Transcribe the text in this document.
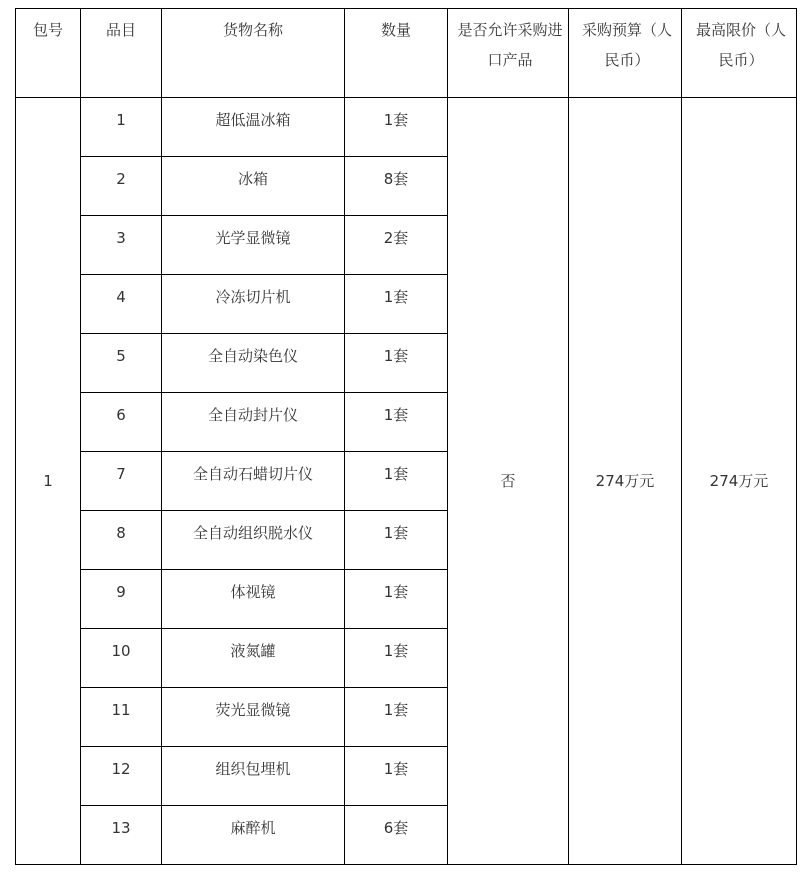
包号	品目	货物名称	数量	是否允许采购进口产品	采购预算（人民币）	最高限价（人民币）
1	1	超低温冰箱	1套	否	274万元	274万元
	2	冰箱	8套			
	3	光学显微镜	2套			
	4	冷冻切片机	1套			
	5	全自动染色仪	1套			
	6	全自动封片仪	1套			
	7	全自动石蜡切片仪	1套			
	8	全自动组织脱水仪	1套			
	9	体视镜	1套			
	10	液氮罐	1套			
	11	荧光显微镜	1套			
	12	组织包埋机	1套			
	13	麻醉机	6套			
